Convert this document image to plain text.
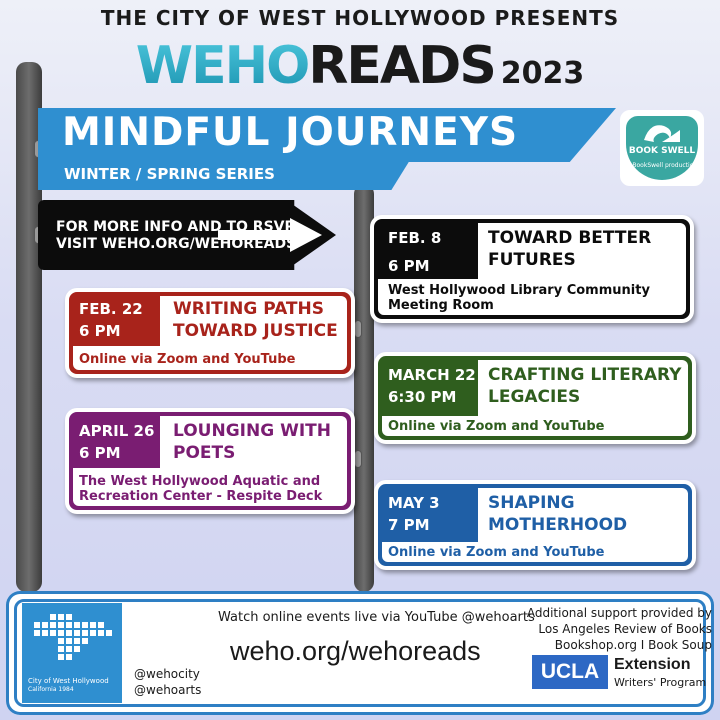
THE CITY OF WEST HOLLYWOOD PRESENTS
WEHOREADS 2023
MINDFUL JOURNEYS
WINTER / SPRING SERIES
BOOK SWELL
a BookSwell production
FOR MORE INFO AND TO RSVP
VISIT WEHO.ORG/WEHOREADS
FEB. 22
6 PM
WRITING PATHS
TOWARD JUSTICE
Online via Zoom and YouTube
APRIL 26
6 PM
LOUNGING WITH
POETS
The West Hollywood Aquatic and
Recreation Center - Respite Deck
FEB. 8
6 PM
TOWARD BETTER
FUTURES
West Hollywood Library Community
Meeting Room
MARCH 22
6:30 PM
CRAFTING LITERARY
LEGACIES
Online via Zoom and YouTube
MAY 3
7 PM
SHAPING
MOTHERHOOD
Online via Zoom and YouTube
City of West Hollywood
California 1984
@wehocity
@wehoarts
Watch online events live via YouTube @wehoarts
weho.org/wehoreads
Additional support provided by
Los Angeles Review of Books
Bookshop.org I Book Soup
UCLA Extension
Writers' Program
